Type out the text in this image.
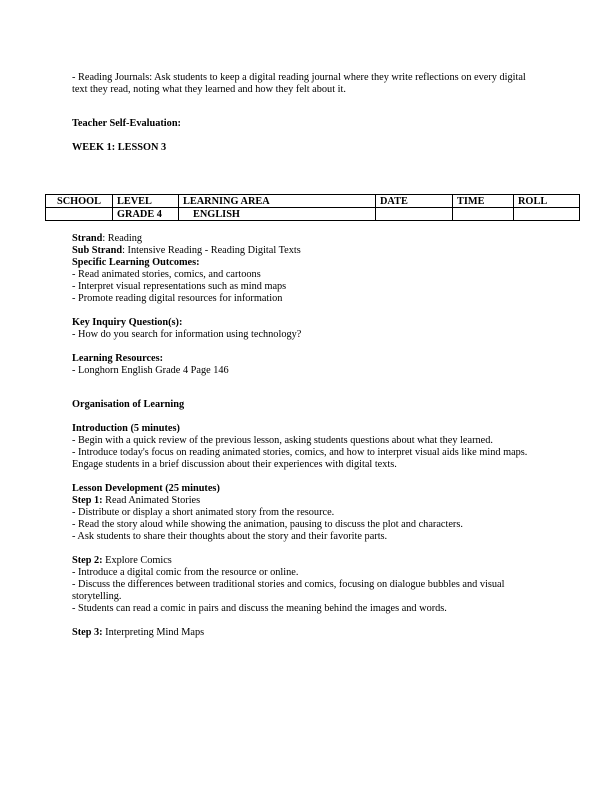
- Reading Journals: Ask students to keep a digital reading journal where they write reflections on every digital text they read, noting what they learned and how they felt about it.

Teacher Self-Evaluation:

WEEK 1: LESSON 3

SCHOOL	LEVEL	LEARNING AREA	DATE	TIME	ROLL
	GRADE 4	ENGLISH			

Strand: Reading

Sub Strand: Intensive Reading - Reading Digital Texts

Specific Learning Outcomes:

- Read animated stories, comics, and cartoons

- Interpret visual representations such as mind maps

- Promote reading digital resources for information

Key Inquiry Question(s):

- How do you search for information using technology?

Learning Resources:

- Longhorn English Grade 4 Page 146

Organisation of Learning

Introduction (5 minutes)

- Begin with a quick review of the previous lesson, asking students questions about what they learned.

- Introduce today's focus on reading animated stories, comics, and how to interpret visual aids like mind maps. Engage students in a brief discussion about their experiences with digital texts.

Lesson Development (25 minutes)

Step 1: Read Animated Stories

- Distribute or display a short animated story from the resource.

- Read the story aloud while showing the animation, pausing to discuss the plot and characters.

- Ask students to share their thoughts about the story and their favorite parts.

Step 2: Explore Comics

- Introduce a digital comic from the resource or online.

- Discuss the differences between traditional stories and comics, focusing on dialogue bubbles and visual storytelling.

- Students can read a comic in pairs and discuss the meaning behind the images and words.

Step 3: Interpreting Mind Maps
